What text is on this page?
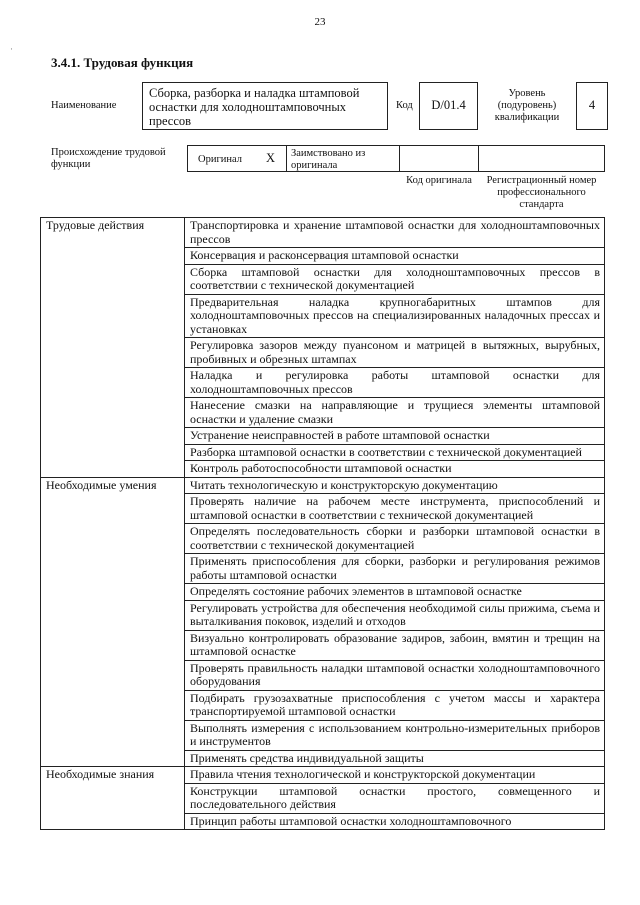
23
·
3.4.1. Трудовая функция
Наименование
Сборка, разборка и наладка штамповой оснастки для холодноштамповочных прессов
Код	D/01.4
Уровень (подуровень) квалификации
4
Происхождение трудовой функции	Оригинал X Заимствовано из оригинала
Код оригинала	Регистрационный номер профессионального стандарта
Трудовые действия	Транспортировка и хранение штамповой оснастки для холодноштамповочных прессов
	Консервация и расконсервация штамповой оснастки
	Сборка штамповой оснастки для холодноштамповочных прессов в соответствии с технической документацией
	Предварительная наладка крупногабаритных штампов для холодноштамповочных прессов на специализированных наладочных прессах и установках
	Регулировка зазоров между пуансоном и матрицей в вытяжных, вырубных, пробивных и обрезных штампах
	Наладка и регулировка работы штамповой оснастки для холодноштамповочных прессов
	Нанесение смазки на направляющие и трущиеся элементы штамповой оснастки и удаление смазки
	Устранение неисправностей в работе штамповой оснастки
	Разборка штамповой оснастки в соответствии с технической документацией
	Контроль работоспособности штамповой оснастки
Необходимые умения	Читать технологическую и конструкторскую документацию
	Проверять наличие на рабочем месте инструмента, приспособлений и штамповой оснастки в соответствии с технической документацией
	Определять последовательность сборки и разборки штамповой оснастки в соответствии с технической документацией
	Применять приспособления для сборки, разборки и регулирования режимов работы штамповой оснастки
	Определять состояние рабочих элементов в штамповой оснастке
	Регулировать устройства для обеспечения необходимой силы прижима, съема и выталкивания поковок, изделий и отходов
	Визуально контролировать образование задиров, забоин, вмятин и трещин на штамповой оснастке
	Проверять правильность наладки штамповой оснастки холодноштамповочного оборудования
	Подбирать грузозахватные приспособления с учетом массы и характера транспортируемой штамповой оснастки
	Выполнять измерения с использованием контрольно-измерительных приборов и инструментов
	Применять средства индивидуальной защиты
Необходимые знания	Правила чтения технологической и конструкторской документации
	Конструкции штамповой оснастки простого, совмещенного и последовательного действия
	Принцип работы штамповой оснастки холодноштамповочного
